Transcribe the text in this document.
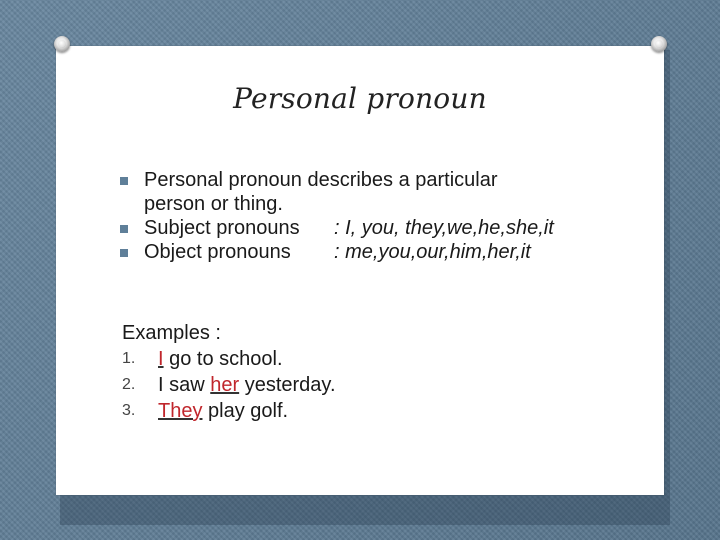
Personal pronoun
Personal pronoun describes a particular
person or thing.
Subject pronouns : I, you, they,we,he,she,it
Object pronouns : me,you,our,him,her,it
Examples :
1. I go to school.
2. I saw her yesterday.
3. They play golf.
